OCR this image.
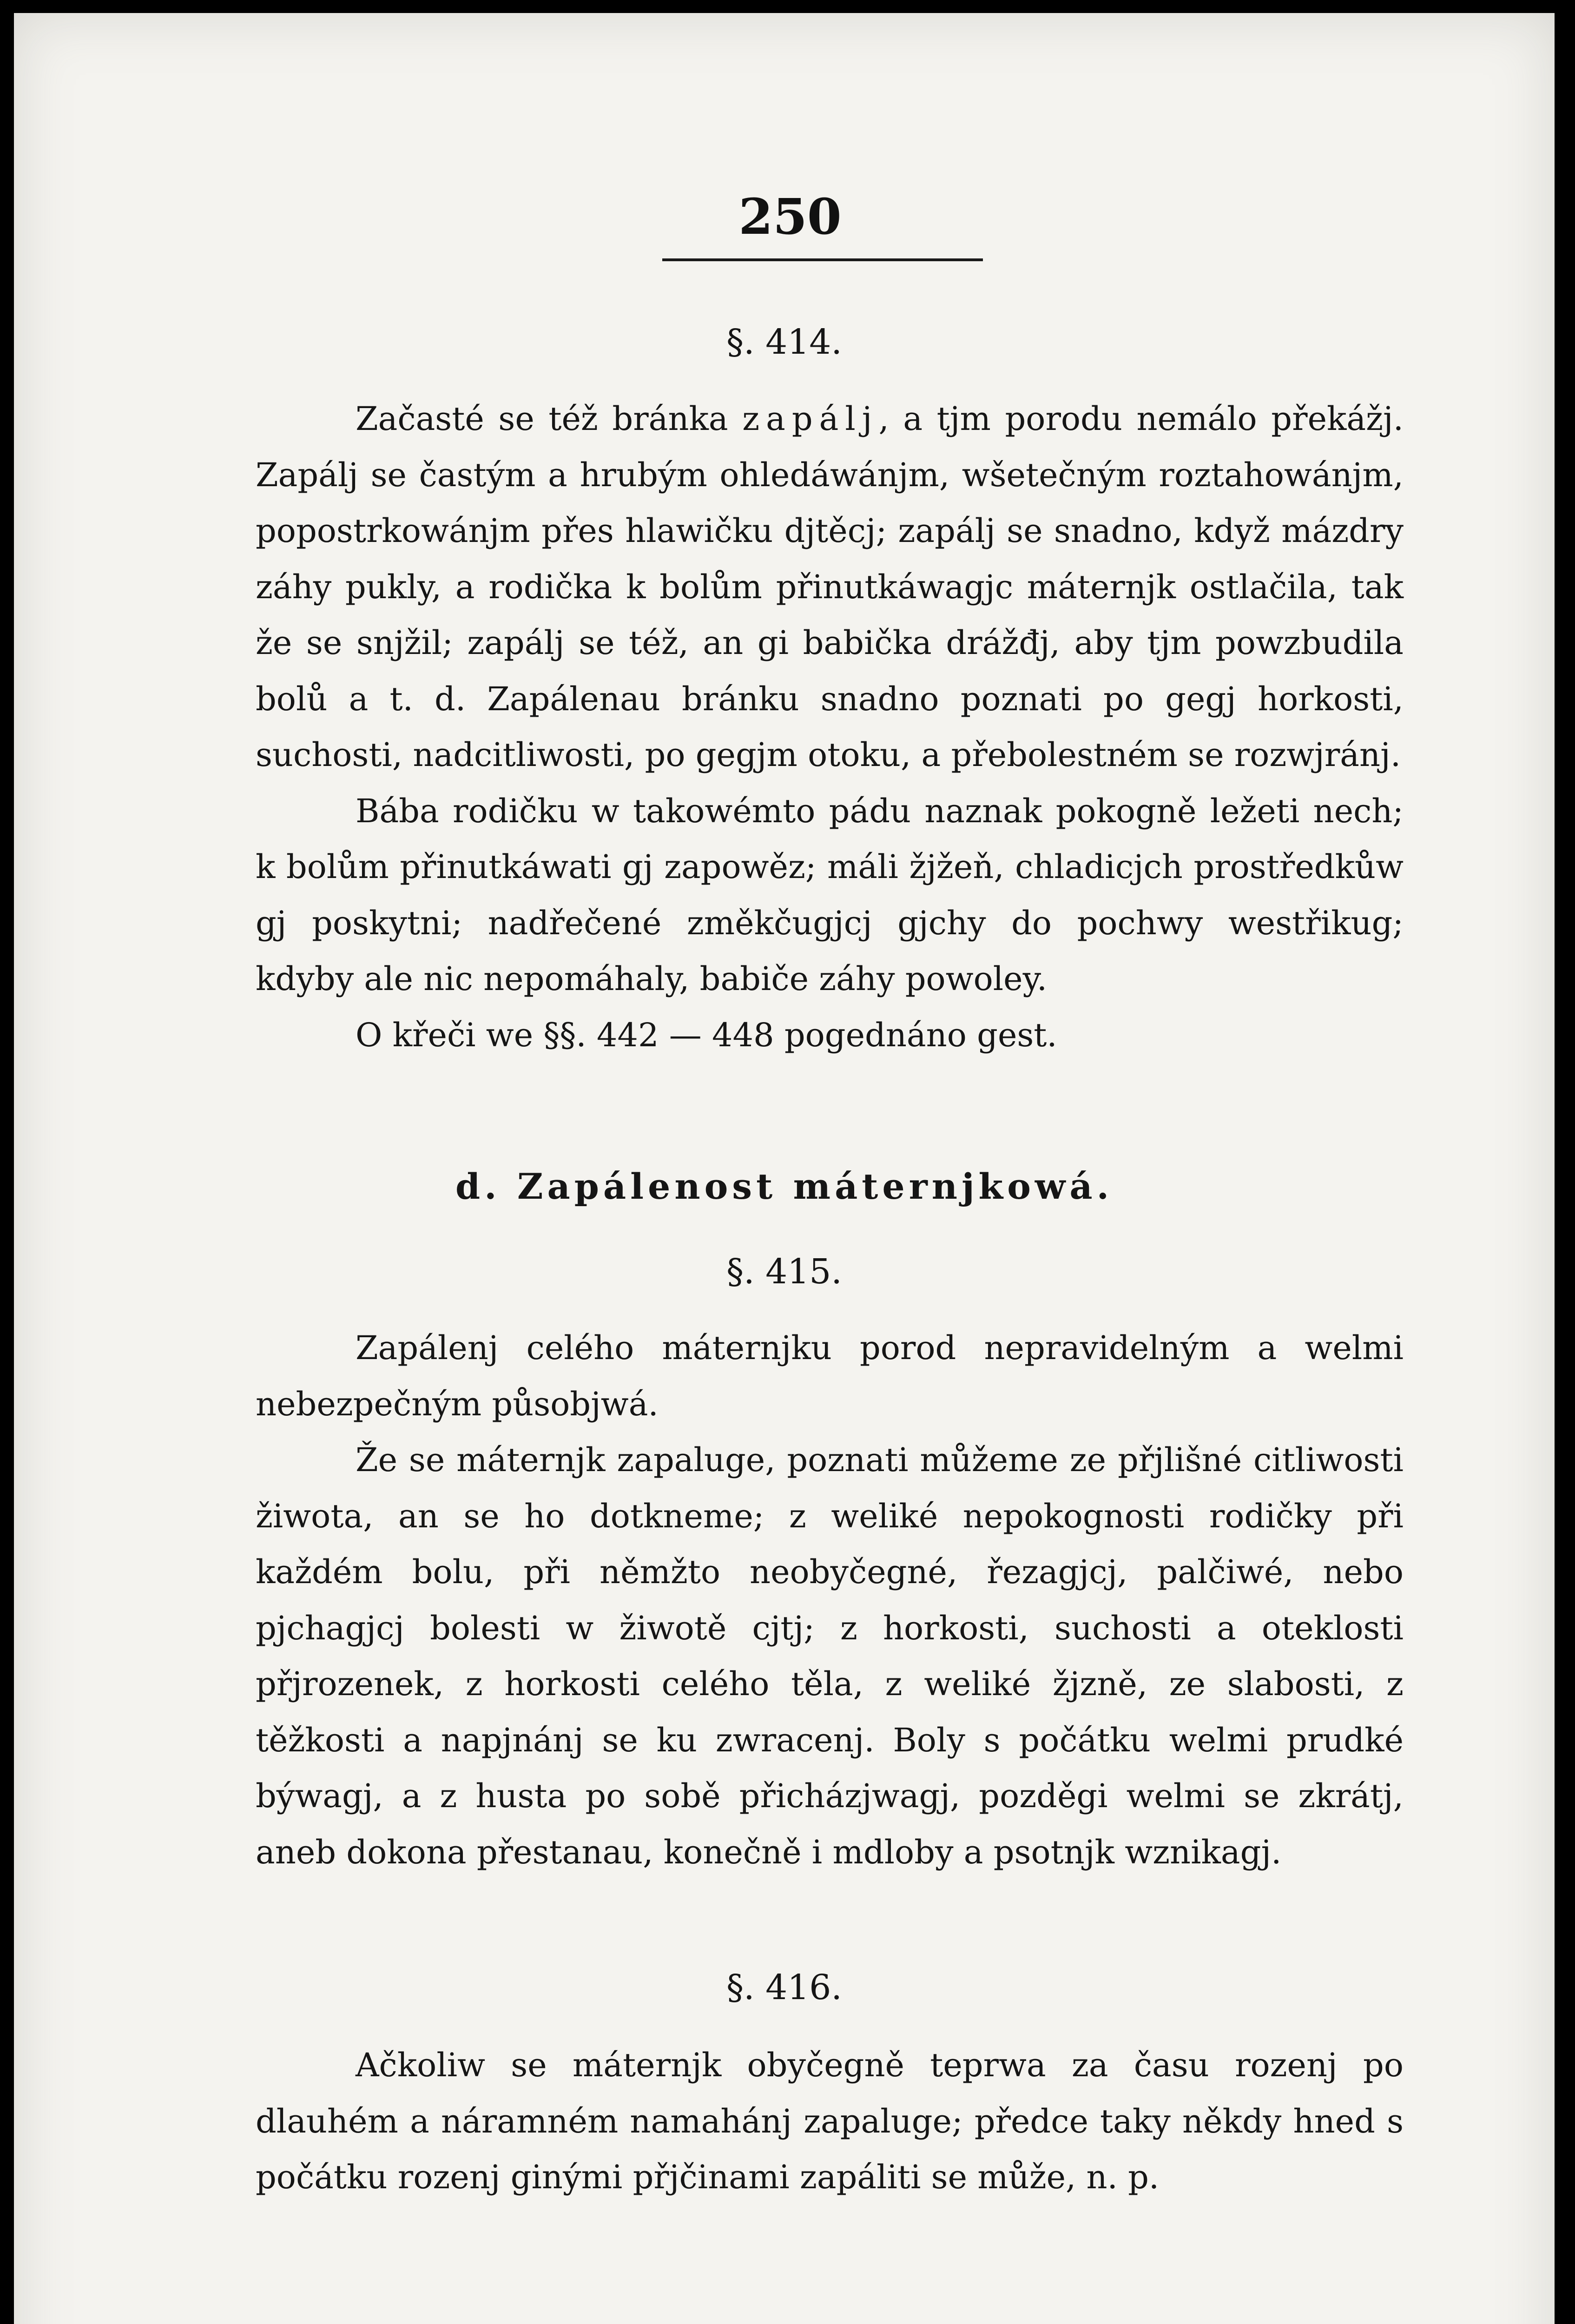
250
§. 414.

Začasté se též bránka zapálj, a tjm porodu nemálo překážj. Zapálj se častým a hrubým ohledáwánjm, wšetečným roztahowánjm, popostrkowánjm přes hlawičku djtěcj; zapálj se snadno, když mázdry záhy pukly, a rodička k bolům přinutkáwagjc máternjk ostlačila, tak že se snjžil; zapálj se též, an gi babička drážđj, aby tjm powzbudila bolů a t. d. Zapálenau bránku snadno poznati po gegj horkosti, suchosti, nadcitliwosti, po gegjm otoku, a přebolestném se rozwjránj.

Bába rodičku w takowémto pádu naznak pokogně ležeti nech; k bolům přinutkáwati gj zapowěz; máli žjžeň, chladicjch prostředkůw gj poskytni; nadřečené změkčugjcj gjchy do pochwy westřikug; kdyby ale nic nepomáhaly, babiče záhy powoley.

O křeči we §§. 442 — 448 pogednáno gest.

d. Zapálenost máternjkowá.
§. 415.

Zapálenj celého máternjku porod nepravidelným a welmi nebezpečným působjwá.

Že se máternjk zapaluge, poznati můžeme ze přjlišné citliwosti žiwota, an se ho dotkneme; z weliké nepokognosti rodičky při každém bolu, při němžto neobyčegné, řezagjcj, palčiwé, nebo pjchagjcj bolesti w žiwotě cjtj; z horkosti, suchosti a oteklosti přjrozenek, z horkosti celého těla, z weliké žjzně, ze slabosti, z těžkosti a napjnánj se ku zwracenj. Boly s počátku welmi prudké býwagj, a z husta po sobě přicházjwagj, pozděgi welmi se zkrátj, aneb dokona přestanau, konečně i mdloby a psotnjk wznikagj.

§. 416.

Ačkoliw se máternjk obyčegně teprwa za času rozenj po dlauhém a náramném namahánj zapaluge; předce taky někdy hned s počátku rozenj ginými přjčinami zapáliti se může, n. p.
